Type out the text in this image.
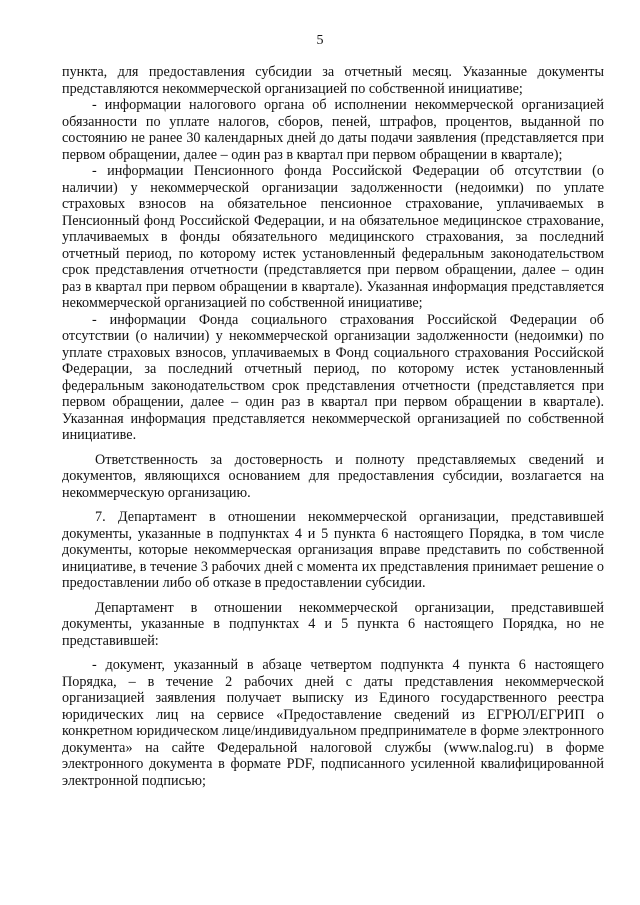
5

пункта, для предоставления субсидии за отчетный месяц. Указанные документы представляются некоммерческой организацией по собственной инициативе;

- информации налогового органа об исполнении некоммерческой организацией обязанности по уплате налогов, сборов, пеней, штрафов, процентов, выданной по состоянию не ранее 30 календарных дней до даты подачи заявления (представляется при первом обращении, далее – один раз в квартал при первом обращении в квартале);

- информации Пенсионного фонда Российской Федерации об отсутствии (о наличии) у некоммерческой организации задолженности (недоимки) по уплате страховых взносов на обязательное пенсионное страхование, уплачиваемых в Пенсионный фонд Российской Федерации, и на обязательное медицинское страхование, уплачиваемых в фонды обязательного медицинского страхования, за последний отчетный период, по которому истек установленный федеральным законодательством срок представления отчетности (представляется при первом обращении, далее – один раз в квартал при первом обращении в квартале). Указанная информация представляется некоммерческой организацией по собственной инициативе;

- информации Фонда социального страхования Российской Федерации об отсутствии (о наличии) у некоммерческой организации задолженности (недоимки) по уплате страховых взносов, уплачиваемых в Фонд социального страхования Российской Федерации, за последний отчетный период, по которому истек установленный федеральным законодательством срок представления отчетности (представляется при первом обращении, далее – один раз в квартал при первом обращении в квартале). Указанная информация представляется некоммерческой организацией по собственной инициативе.

Ответственность за достоверность и полноту представляемых сведений и документов, являющихся основанием для предоставления субсидии, возлагается на некоммерческую организацию.

7. Департамент в отношении некоммерческой организации, представившей документы, указанные в подпунктах 4 и 5 пункта 6 настоящего Порядка, в том числе документы, которые некоммерческая организация вправе представить по собственной инициативе, в течение 3 рабочих дней с момента их представления принимает решение о предоставлении либо об отказе в предоставлении субсидии.

Департамент в отношении некоммерческой организации, представившей документы, указанные в подпунктах 4 и 5 пункта 6 настоящего Порядка, но не представившей:

- документ, указанный в абзаце четвертом подпункта 4 пункта 6 настоящего Порядка, – в течение 2 рабочих дней с даты представления некоммерческой организацией заявления получает выписку из Единого государственного реестра юридических лиц на сервисе «Предоставление сведений из ЕГРЮЛ/ЕГРИП о конкретном юридическом лице/индивидуальном предпринимателе в форме электронного документа» на сайте Федеральной налоговой службы (www.nalog.ru) в форме электронного документа в формате PDF, подписанного усиленной квалифицированной электронной подписью;
